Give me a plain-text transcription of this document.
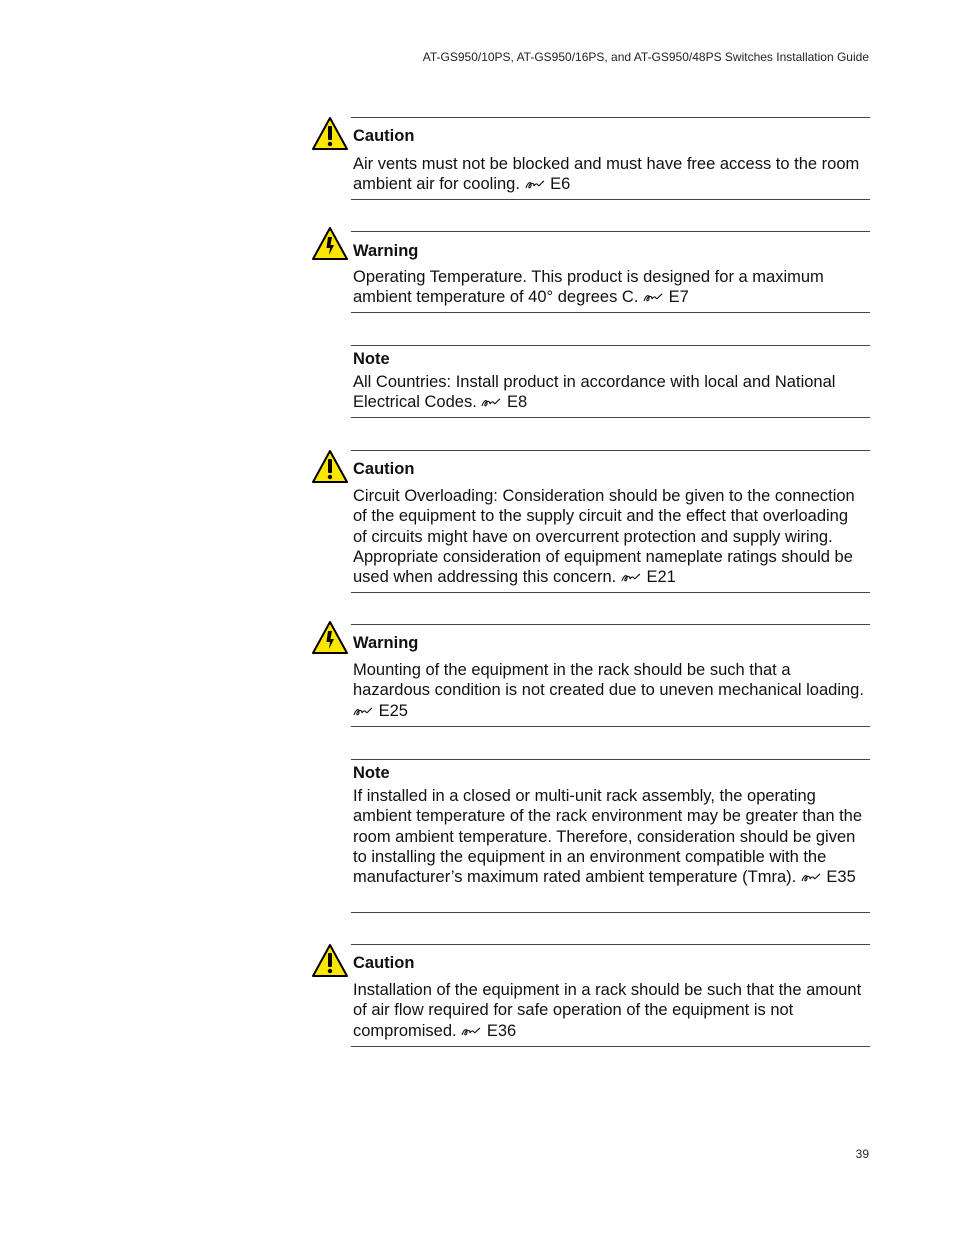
AT-GS950/10PS, AT-GS950/16PS, and AT-GS950/48PS Switches Installation Guide
Caution
Air vents must not be blocked and must have free access to the room ambient air for cooling. E6
Warning
Operating Temperature. This product is designed for a maximum ambient temperature of 40° degrees C. E7
Note
All Countries: Install product in accordance with local and National Electrical Codes. E8
Caution
Circuit Overloading: Consideration should be given to the connection of the equipment to the supply circuit and the effect that overloading of circuits might have on overcurrent protection and supply wiring. Appropriate consideration of equipment nameplate ratings should be used when addressing this concern. E21
Warning
Mounting of the equipment in the rack should be such that a hazardous condition is not created due to uneven mechanical loading.  E25
Note
If installed in a closed or multi-unit rack assembly, the operating ambient temperature of the rack environment may be greater than the room ambient temperature. Therefore, consideration should be given to installing the equipment in an environment compatible with the manufacturer’s maximum rated ambient temperature (Tmra). E35
Caution
Installation of the equipment in a rack should be such that the amount of air flow required for safe operation of the equipment is not compromised. E36
39
